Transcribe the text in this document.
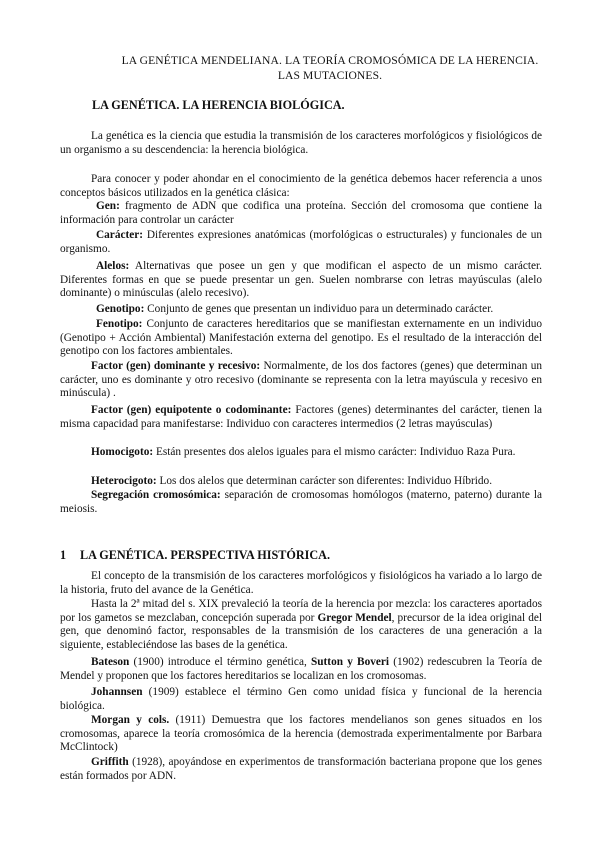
LA GENÉTICA MENDELIANA. LA TEORÍA CROMOSÓMICA DE LA HERENCIA.
LAS MUTACIONES.
LA GENÉTICA. LA HERENCIA BIOLÓGICA.

La genética es la ciencia que estudia la transmisión de los caracteres morfológicos y fisiológicos de un organismo a su descendencia: la herencia biológica.

Para conocer y poder ahondar en el conocimiento de la genética debemos hacer referencia a unos conceptos básicos utilizados en la genética clásica:

Gen: fragmento de ADN que codifica una proteína. Sección del cromosoma que contiene la información para controlar un carácter

Carácter: Diferentes expresiones anatómicas (morfológicas o estructurales) y funcionales de un organismo.

Alelos: Alternativas que posee un gen y que modifican el aspecto de un mismo carácter. Diferentes formas en que se puede presentar un gen. Suelen nombrarse con letras mayúsculas (alelo dominante) o minúsculas (alelo recesivo).

Genotipo: Conjunto de genes que presentan un individuo para un determinado carácter.

Fenotipo: Conjunto de caracteres hereditarios que se manifiestan externamente en un individuo (Genotipo + Acción Ambiental) Manifestación externa del genotipo. Es el resultado de la interacción del genotipo con los factores ambientales.

Factor (gen) dominante y recesivo: Normalmente, de los dos factores (genes) que determinan un carácter, uno es dominante y otro recesivo (dominante se representa con la letra mayúscula y recesivo en minúscula) .

Factor (gen) equipotente o codominante: Factores (genes) determinantes del carácter, tienen la misma capacidad para manifestarse: Individuo con caracteres intermedios (2 letras mayúsculas)

Homocigoto: Están presentes dos alelos iguales para el mismo carácter: Individuo Raza Pura.

Heterocigoto: Los dos alelos que determinan carácter son diferentes: Individuo Híbrido.

Segregación cromosómica: separación de cromosomas homólogos (materno, paterno) durante la meiosis.

1 LA GENÉTICA. PERSPECTIVA HISTÓRICA.

El concepto de la transmisión de los caracteres morfológicos y fisiológicos ha variado a lo largo de la historia, fruto del avance de la Genética.

Hasta la 2ª mitad del s. XIX prevaleció la teoría de la herencia por mezcla: los caracteres aportados por los gametos se mezclaban, concepción superada por Gregor Mendel, precursor de la idea original del gen, que denominó factor, responsables de la transmisión de los caracteres de una generación a la siguiente, estableciéndose las bases de la genética.

Bateson (1900) introduce el término genética, Sutton y Boveri (1902) redescubren la Teoría de Mendel y proponen que los factores hereditarios se localizan en los cromosomas.

Johannsen (1909) establece el término Gen como unidad física y funcional de la herencia biológica.

Morgan y cols. (1911) Demuestra que los factores mendelianos son genes situados en los cromosomas, aparece la teoría cromosómica de la herencia (demostrada experimentalmente por Barbara McClintock)

Griffith (1928), apoyándose en experimentos de transformación bacteriana propone que los genes están formados por ADN.
